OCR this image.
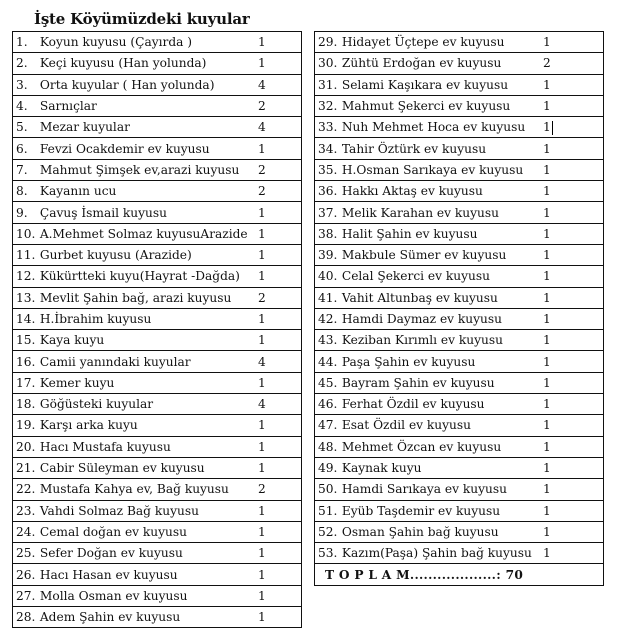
İşte Köyümüzdeki kuyular
1. Koyun kuyusu (Çayırda )	1
2. Keçi kuyusu (Han yolunda)	1
3. Orta kuyular ( Han yolunda)	4
4. Sarnıçlar	2
5. Mezar kuyular	4
6. Fevzi Ocakdemir ev kuyusu	1
7. Mahmut Şimşek ev,arazi kuyusu	2
8. Kayanın ucu	2
9. Çavuş İsmail kuyusu	1
10. A.Mehmet Solmaz kuyusuArazide	1
11. Gurbet kuyusu (Arazide)	1
12. Kükürtteki kuyu(Hayrat -Dağda)	1
13. Mevlit Şahin bağ, arazi kuyusu	2
14. H.İbrahim kuyusu	1
15. Kaya kuyu	1
16. Camii yanındaki kuyular	4
17. Kemer kuyu	1
18. Göğüsteki kuyular	4
19. Karşı arka kuyu	1
20. Hacı Mustafa kuyusu	1
21. Cabir Süleyman ev kuyusu	1
22. Mustafa Kahya ev, Bağ kuyusu	2
23. Vahdi Solmaz Bağ kuyusu	1
24. Cemal doğan ev kuyusu	1
25. Sefer Doğan ev kuyusu	1
26. Hacı Hasan ev kuyusu	1
27. Molla Osman ev kuyusu	1
28. Adem Şahin ev kuyusu	1
29. Hidayet Üçtepe ev kuyusu	1
30. Zühtü Erdoğan ev kuyusu	2
31. Selami Kaşıkara ev kuyusu	1
32. Mahmut Şekerci ev kuyusu	1
33. Nuh Mehmet Hoca ev kuyusu	1
34. Tahir Öztürk ev kuyusu	1
35. H.Osman Sarıkaya ev kuyusu	1
36. Hakkı Aktaş ev kuyusu	1
37. Melik Karahan ev kuyusu	1
38. Halit Şahin ev kuyusu	1
39. Makbule Sümer ev kuyusu	1
40. Celal Şekerci ev kuyusu	1
41. Vahit Altunbaş ev kuyusu	1
42. Hamdi Daymaz ev kuyusu	1
43. Keziban Kırımlı ev kuyusu	1
44. Paşa Şahin ev kuyusu	1
45. Bayram Şahin ev kuyusu	1
46. Ferhat Özdil ev kuyusu	1
47. Esat Özdil ev kuyusu	1
48. Mehmet Özcan ev kuyusu	1
49. Kaynak kuyu	1
50. Hamdi Sarıkaya ev kuyusu	1
51. Eyüb Taşdemir ev kuyusu	1
52. Osman Şahin bağ kuyusu	1
53. Kazım(Paşa) Şahin bağ kuyusu	1
T O P L A M...................: 70	
